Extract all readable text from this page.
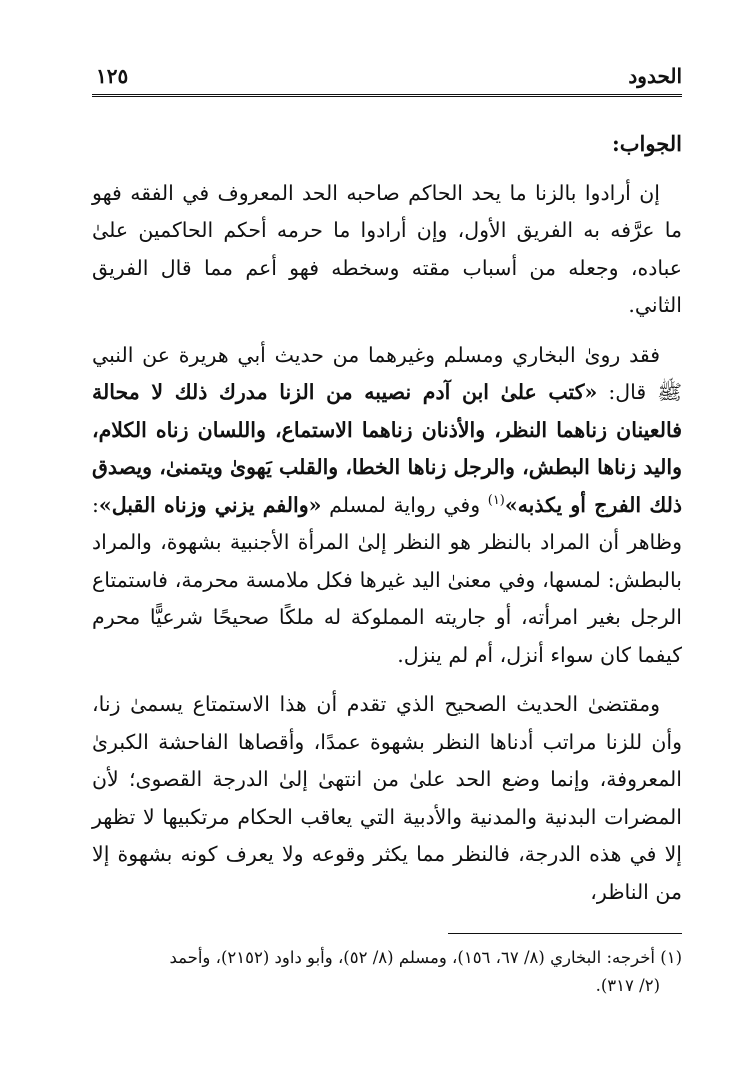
الحدود
١٢٥

الجواب:

إن أرادوا بالزنا ما يحد الحاكم صاحبه الحد المعروف في الفقه فهو ما عرَّفه به الفريق الأول، وإن أرادوا ما حرمه أحكم الحاكمين علىٰ عباده، وجعله من أسباب مقته وسخطه فهو أعم مما قال الفريق الثاني.

فقد روىٰ البخاري ومسلم وغيرهما من حديث أبي هريرة عن النبي ﷺ قال: «كتب علىٰ ابن آدم نصيبه من الزنا مدرك ذلك لا محالة فالعينان زناهما النظر، والأذنان زناهما الاستماع، واللسان زناه الكلام، واليد زناها البطش، والرجل زناها الخطا، والقلب يَهوىٰ ويتمنىٰ، ويصدق ذلك الفرج أو يكذبه»$^{(١)}$ وفي رواية لمسلم «والفم يزني وزناه القبل»: وظاهر أن المراد بالنظر هو النظر إلىٰ المرأة الأجنبية بشهوة، والمراد بالبطش: لمسها، وفي معنىٰ اليد غيرها فكل ملامسة محرمة، فاستمتاع الرجل بغير امرأته، أو جاريته المملوكة له ملكًا صحيحًا شرعيًّا محرم كيفما كان سواء أنزل، أم لم ينزل.

ومقتضىٰ الحديث الصحيح الذي تقدم أن هذا الاستمتاع يسمىٰ زنا، وأن للزنا مراتب أدناها النظر بشهوة عمدًا، وأقصاها الفاحشة الكبرىٰ المعروفة، وإنما وضع الحد علىٰ من انتهىٰ إلىٰ الدرجة القصوى؛ لأن المضرات البدنية والمدنية والأدبية التي يعاقب الحكام مرتكبيها لا تظهر إلا في هذه الدرجة، فالنظر مما يكثر وقوعه ولا يعرف كونه بشهوة إلا من الناظر،

(١) أخرجه: البخاري (٨/ ٦٧، ١٥٦)، ومسلم (٨/ ٥٢)، وأبو داود (٢١٥٢)، وأحمد

(٢/ ٣١٧).
